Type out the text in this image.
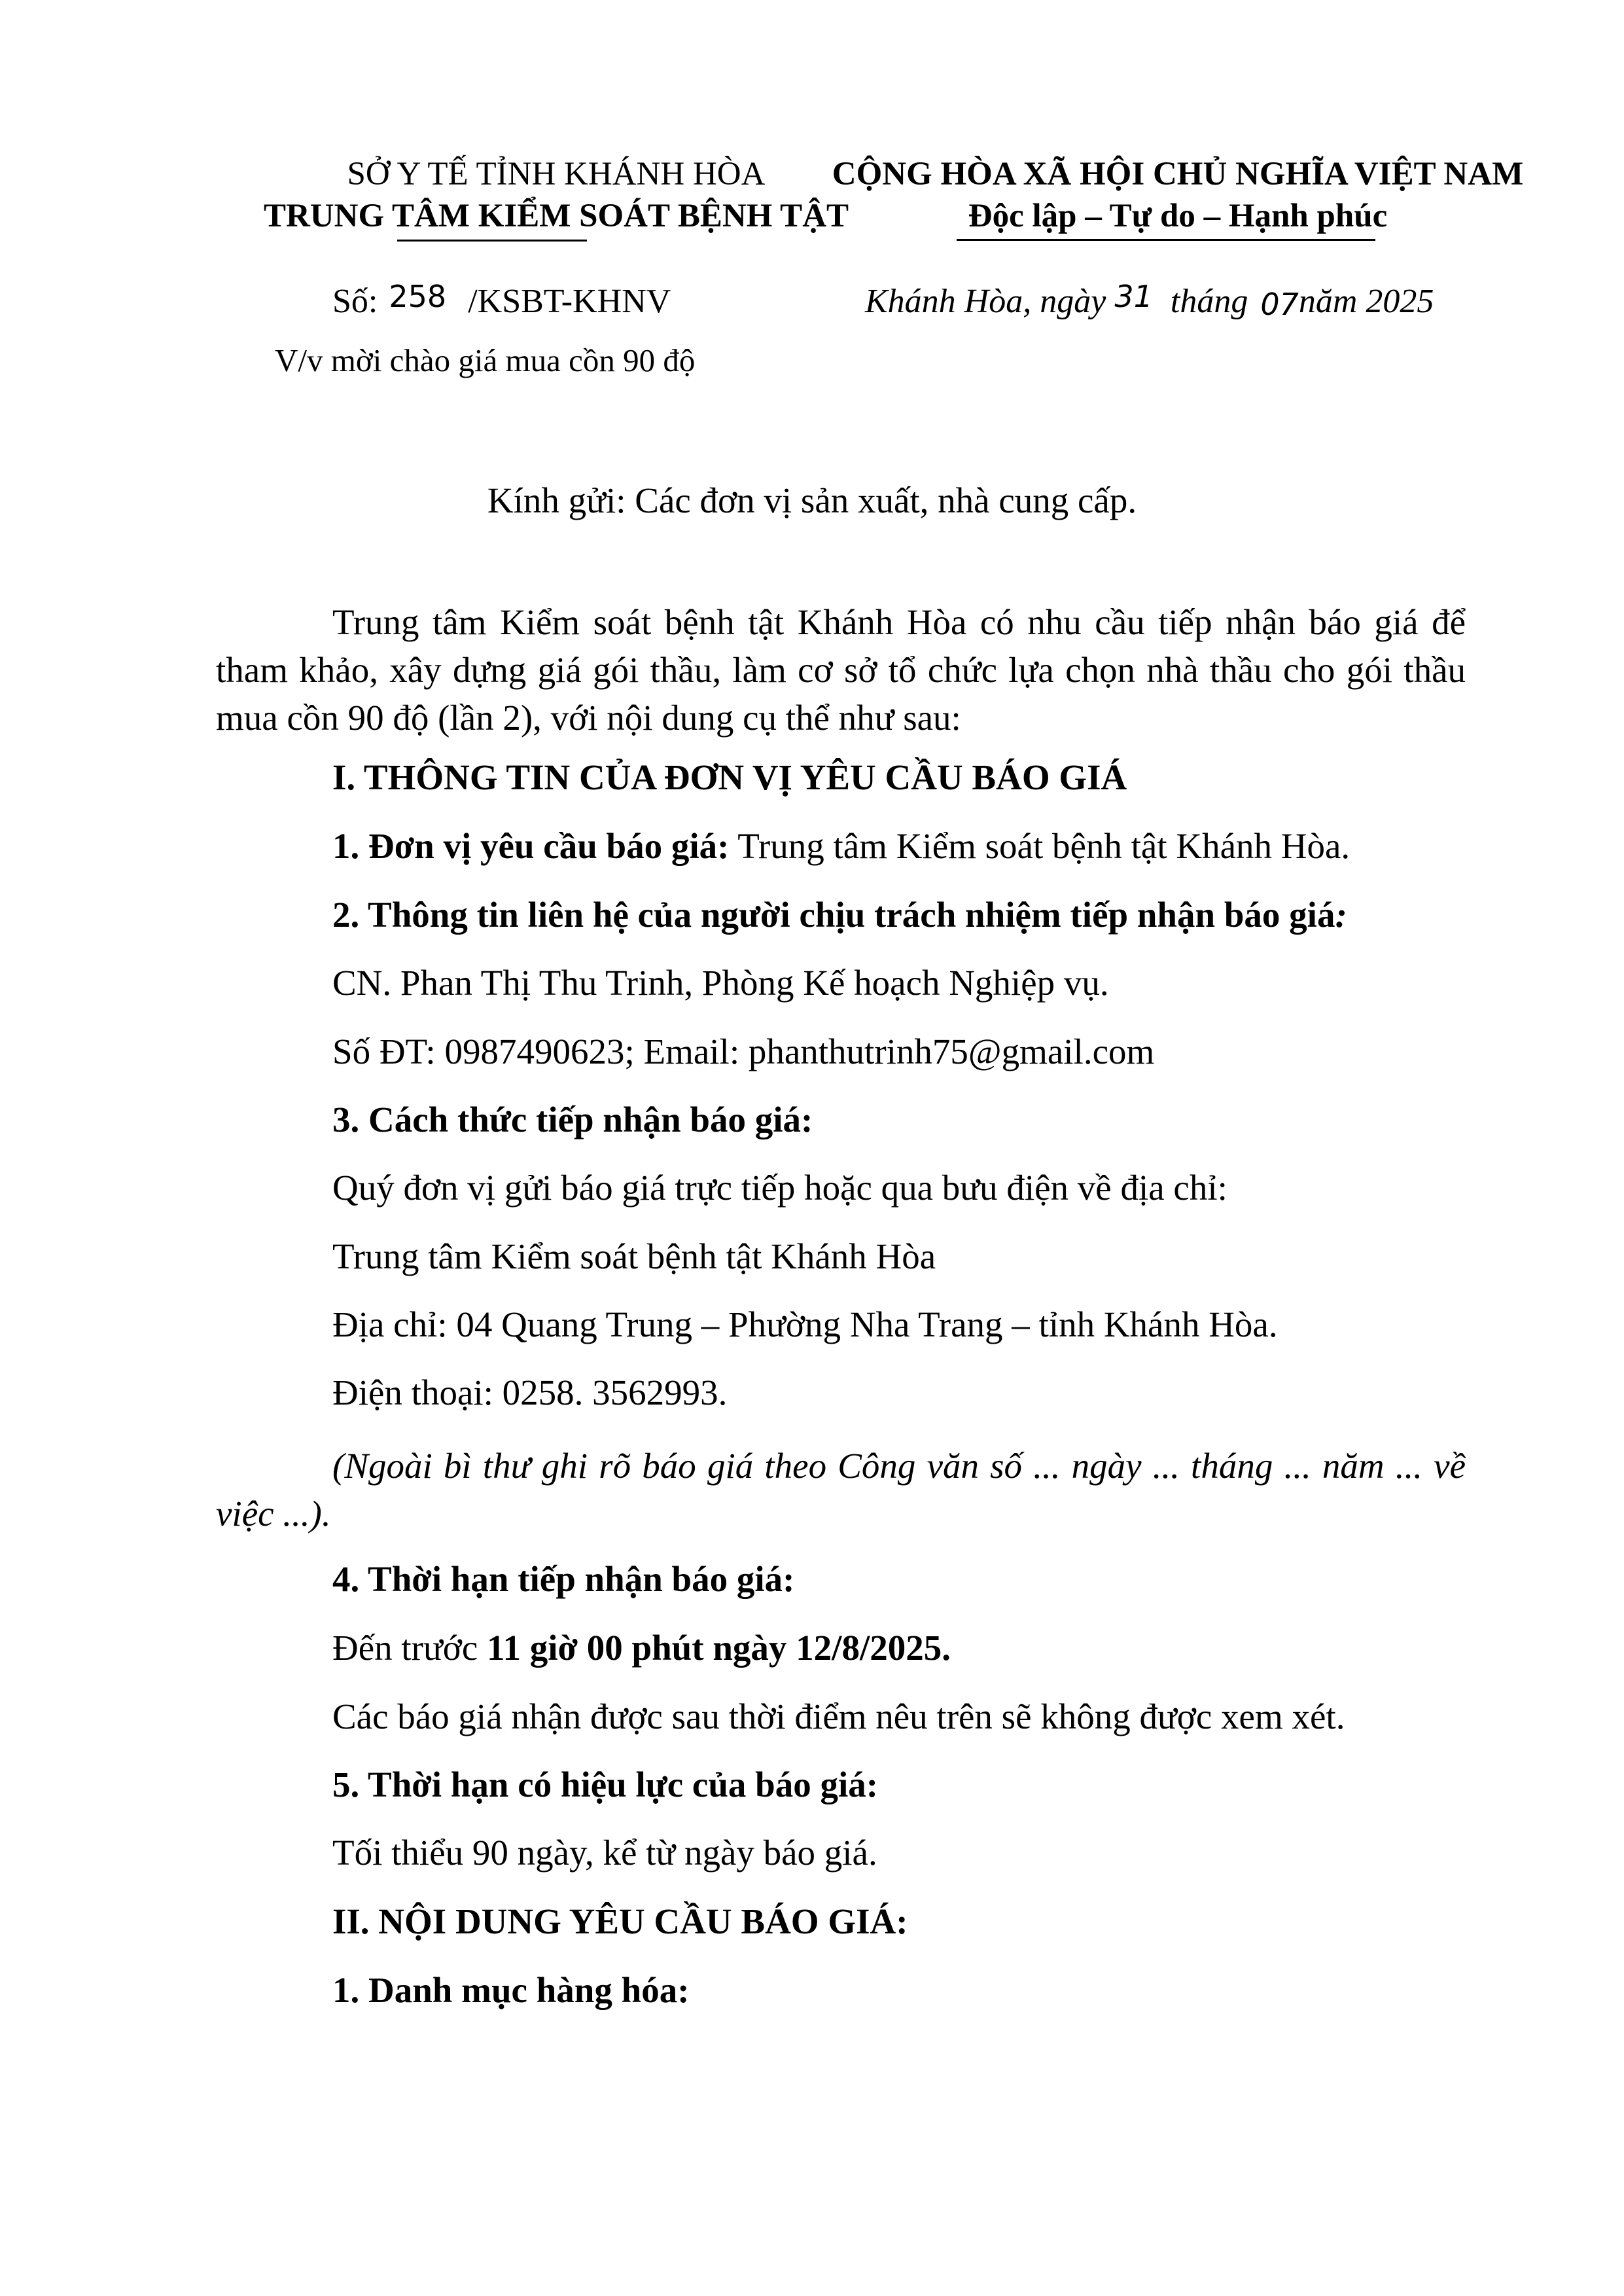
SỞ Y TẾ TỈNH KHÁNH HÒA
TRUNG TÂM KIỂM SOÁT BỆNH TẬT
CỘNG HÒA XÃ HỘI CHỦ NGHĨA VIỆT NAM
Độc lập – Tự do – Hạnh phúc
Số: 258 /KSBT-KHNV	Khánh Hòa, ngày 31 tháng 07năm 2025
V/v mời chào giá mua cồn 90 độ
Kính gửi: Các đơn vị sản xuất, nhà cung cấp.
Trung tâm Kiểm soát bệnh tật Khánh Hòa có nhu cầu tiếp nhận báo giá để tham khảo, xây dựng giá gói thầu, làm cơ sở tổ chức lựa chọn nhà thầu cho gói thầu mua cồn 90 độ (lần 2), với nội dung cụ thể như sau:
I. THÔNG TIN CỦA ĐƠN VỊ YÊU CẦU BÁO GIÁ
1. Đơn vị yêu cầu báo giá: Trung tâm Kiểm soát bệnh tật Khánh Hòa.
2. Thông tin liên hệ của người chịu trách nhiệm tiếp nhận báo giá:
CN. Phan Thị Thu Trinh, Phòng Kế hoạch Nghiệp vụ.
Số ĐT: 0987490623; Email: phanthutrinh75@gmail.com
3. Cách thức tiếp nhận báo giá:
Quý đơn vị gửi báo giá trực tiếp hoặc qua bưu điện về địa chỉ:
Trung tâm Kiểm soát bệnh tật Khánh Hòa
Địa chỉ: 04 Quang Trung – Phường Nha Trang – tỉnh Khánh Hòa.
Điện thoại: 0258. 3562993.
(Ngoài bì thư ghi rõ báo giá theo Công văn số ... ngày ... tháng ... năm ... về việc ...).
4. Thời hạn tiếp nhận báo giá:
Đến trước 11 giờ 00 phút ngày 12/8/2025.
Các báo giá nhận được sau thời điểm nêu trên sẽ không được xem xét.
5. Thời hạn có hiệu lực của báo giá:
Tối thiểu 90 ngày, kể từ ngày báo giá.
II. NỘI DUNG YÊU CẦU BÁO GIÁ:
1. Danh mục hàng hóa:
